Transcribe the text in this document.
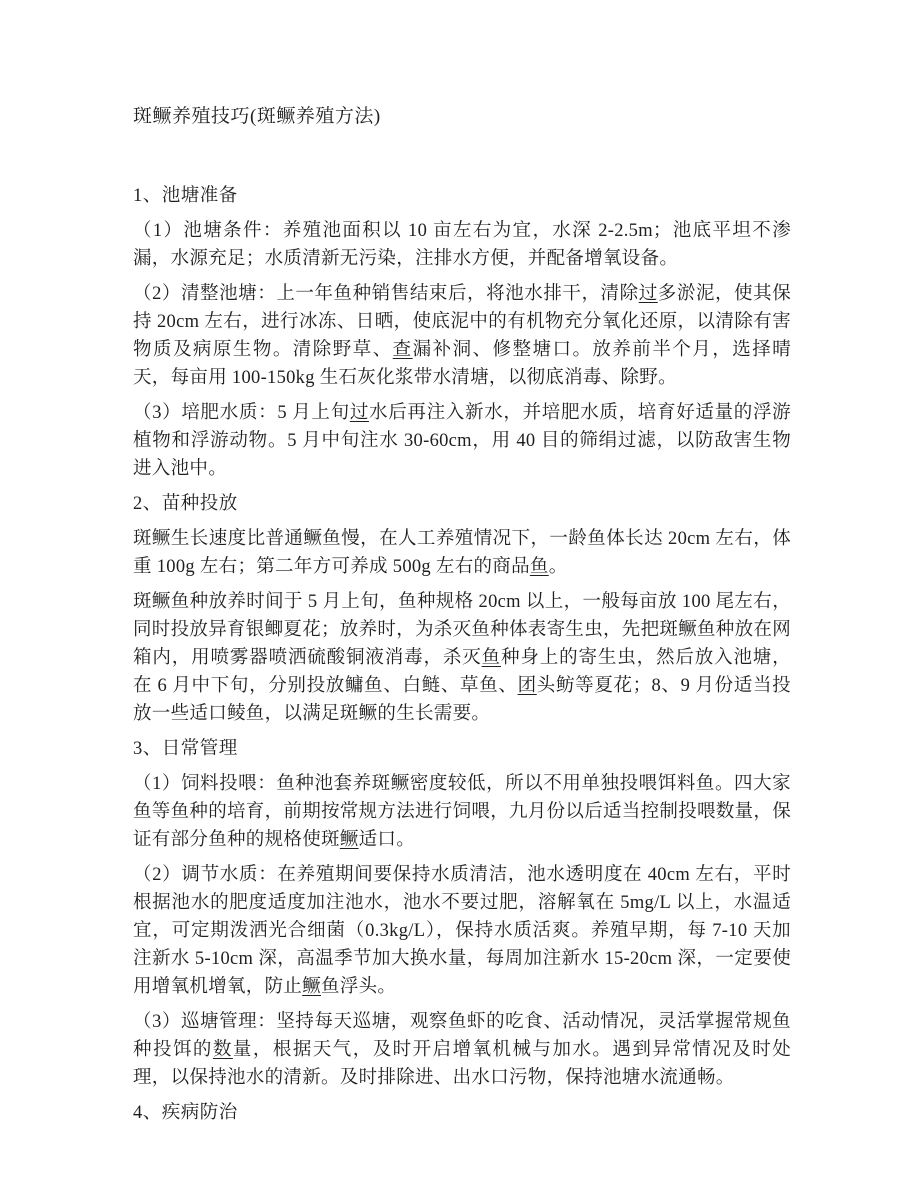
斑鳜养殖技巧(斑鳜养殖方法)
1、池塘准备

（1）池塘条件：养殖池面积以 10 亩左右为宜，水深 2-2.5m；池底平坦不渗漏，水源充足；水质清新无污染，注排水方便，并配备增氧设备。

（2）清整池塘：上一年鱼种销售结束后，将池水排干，清除过多淤泥，使其保持 20cm 左右，进行冰冻、日晒，使底泥中的有机物充分氧化还原，以清除有害物质及病原生物。清除野草、查漏补洞、修整塘口。放养前半个月，选择晴天，每亩用 100-150kg 生石灰化浆带水清塘，以彻底消毒、除野。

（3）培肥水质：5 月上旬过水后再注入新水，并培肥水质，培育好适量的浮游植物和浮游动物。5 月中旬注水 30-60cm，用 40 目的筛绢过滤，以防敌害生物进入池中。

2、苗种投放

斑鳜生长速度比普通鳜鱼慢，在人工养殖情况下，一龄鱼体长达 20cm 左右，体重 100g 左右；第二年方可养成 500g 左右的商品鱼。

斑鳜鱼种放养时间于 5 月上旬，鱼种规格 20cm 以上，一般每亩放 100 尾左右，同时投放异育银鲫夏花；放养时，为杀灭鱼种体表寄生虫，先把斑鳜鱼种放在网箱内，用喷雾器喷洒硫酸铜液消毒，杀灭鱼种身上的寄生虫，然后放入池塘，在 6 月中下旬，分别投放鳙鱼、白鲢、草鱼、团头鲂等夏花；8、9 月份适当投放一些适口鲮鱼，以满足斑鳜的生长需要。

3、日常管理

（1）饲料投喂：鱼种池套养斑鳜密度较低，所以不用单独投喂饵料鱼。四大家鱼等鱼种的培育，前期按常规方法进行饲喂，九月份以后适当控制投喂数量，保证有部分鱼种的规格使斑鳜适口。

（2）调节水质：在养殖期间要保持水质清洁，池水透明度在 40cm 左右，平时根据池水的肥度适度加注池水，池水不要过肥，溶解氧在 5mg/L 以上，水温适宜，可定期泼洒光合细菌（0.3kg/L），保持水质活爽。养殖早期，每 7-10 天加注新水 5-10cm 深，高温季节加大换水量，每周加注新水 15-20cm 深，一定要使用增氧机增氧，防止鳜鱼浮头。

（3）巡塘管理：坚持每天巡塘，观察鱼虾的吃食、活动情况，灵活掌握常规鱼种投饵的数量，根据天气，及时开启增氧机械与加水。遇到异常情况及时处理，以保持池水的清新。及时排除进、出水口污物，保持池塘水流通畅。

4、疾病防治
